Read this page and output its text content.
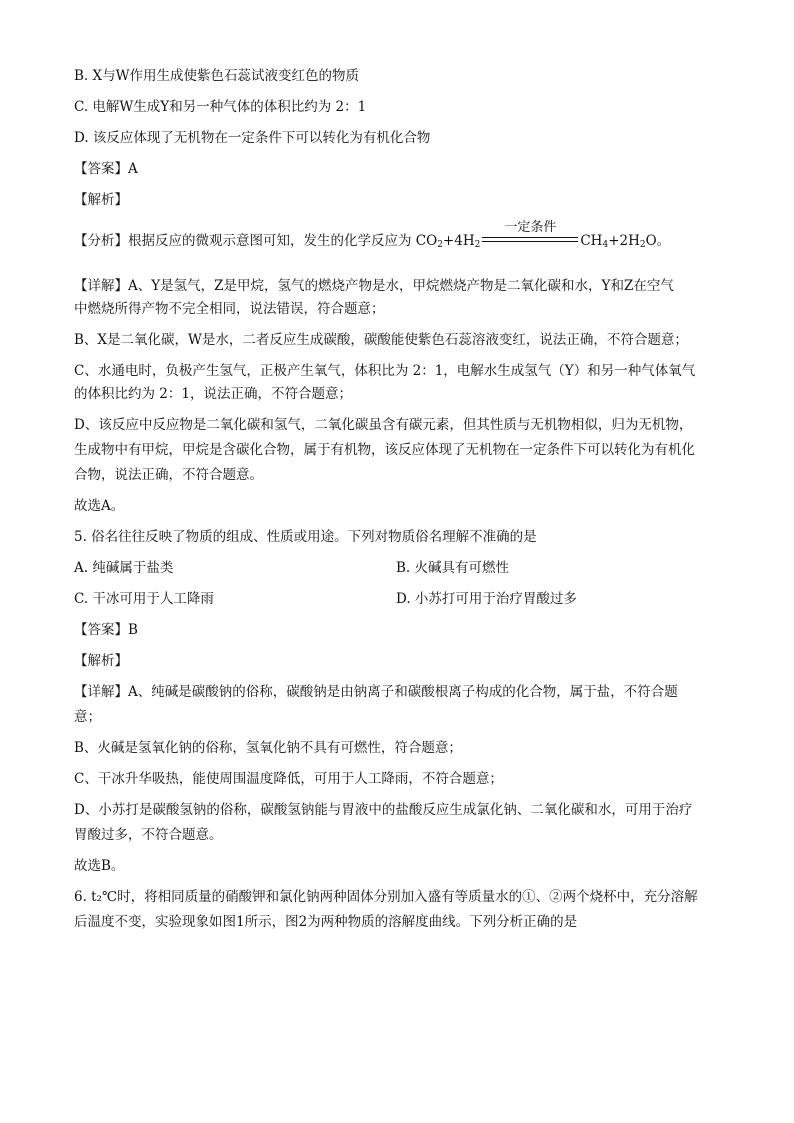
B. X与W作用生成使紫色石蕊试液变红色的物质
C. 电解W生成Y和另一种气体的体积比约为 2：1
D. 该反应体现了无机物在一定条件下可以转化为有机化合物
【答案】A
【解析】
【分析】根据反应的微观示意图可知，发生的化学反应为 $CO_2+4H_2$
一定条件
$CH_4+2H_2O$。
【详解】A、Y是氢气，Z是甲烷，氢气的燃烧产物是水，甲烷燃烧产物是二氧化碳和水，Y和Z在空气
中燃烧所得产物不完全相同，说法错误，符合题意；
B、X是二氧化碳，W是水，二者反应生成碳酸，碳酸能使紫色石蕊溶液变红，说法正确，不符合题意；
C、水通电时，负极产生氢气，正极产生氧气，体积比为 2：1，电解水生成氢气（Y）和另一种气体氧气
的体积比约为 2：1，说法正确，不符合题意；
D、该反应中反应物是二氧化碳和氢气，二氧化碳虽含有碳元素，但其性质与无机物相似，归为无机物，
生成物中有甲烷，甲烷是含碳化合物，属于有机物，该反应体现了无机物在一定条件下可以转化为有机化
合物，说法正确，不符合题意。
故选A。
5. 俗名往往反映了物质的组成、性质或用途。下列对物质俗名理解不准确的是
A. 纯碱属于盐类	B. 火碱具有可燃性
C. 干冰可用于人工降雨	D. 小苏打可用于治疗胃酸过多
【答案】B
【解析】
【详解】A、纯碱是碳酸钠的俗称，碳酸钠是由钠离子和碳酸根离子构成的化合物，属于盐，不符合题
意；
B、火碱是氢氧化钠的俗称，氢氧化钠不具有可燃性，符合题意；
C、干冰升华吸热，能使周围温度降低，可用于人工降雨，不符合题意；
D、小苏打是碳酸氢钠的俗称，碳酸氢钠能与胃液中的盐酸反应生成氯化钠、二氧化碳和水，可用于治疗
胃酸过多，不符合题意。
故选B。
6. t₂℃时，将相同质量的硝酸钾和氯化钠两种固体分别加入盛有等质量水的①、②两个烧杯中，充分溶解
后温度不变，实验现象如图1所示，图2为两种物质的溶解度曲线。下列分析正确的是
